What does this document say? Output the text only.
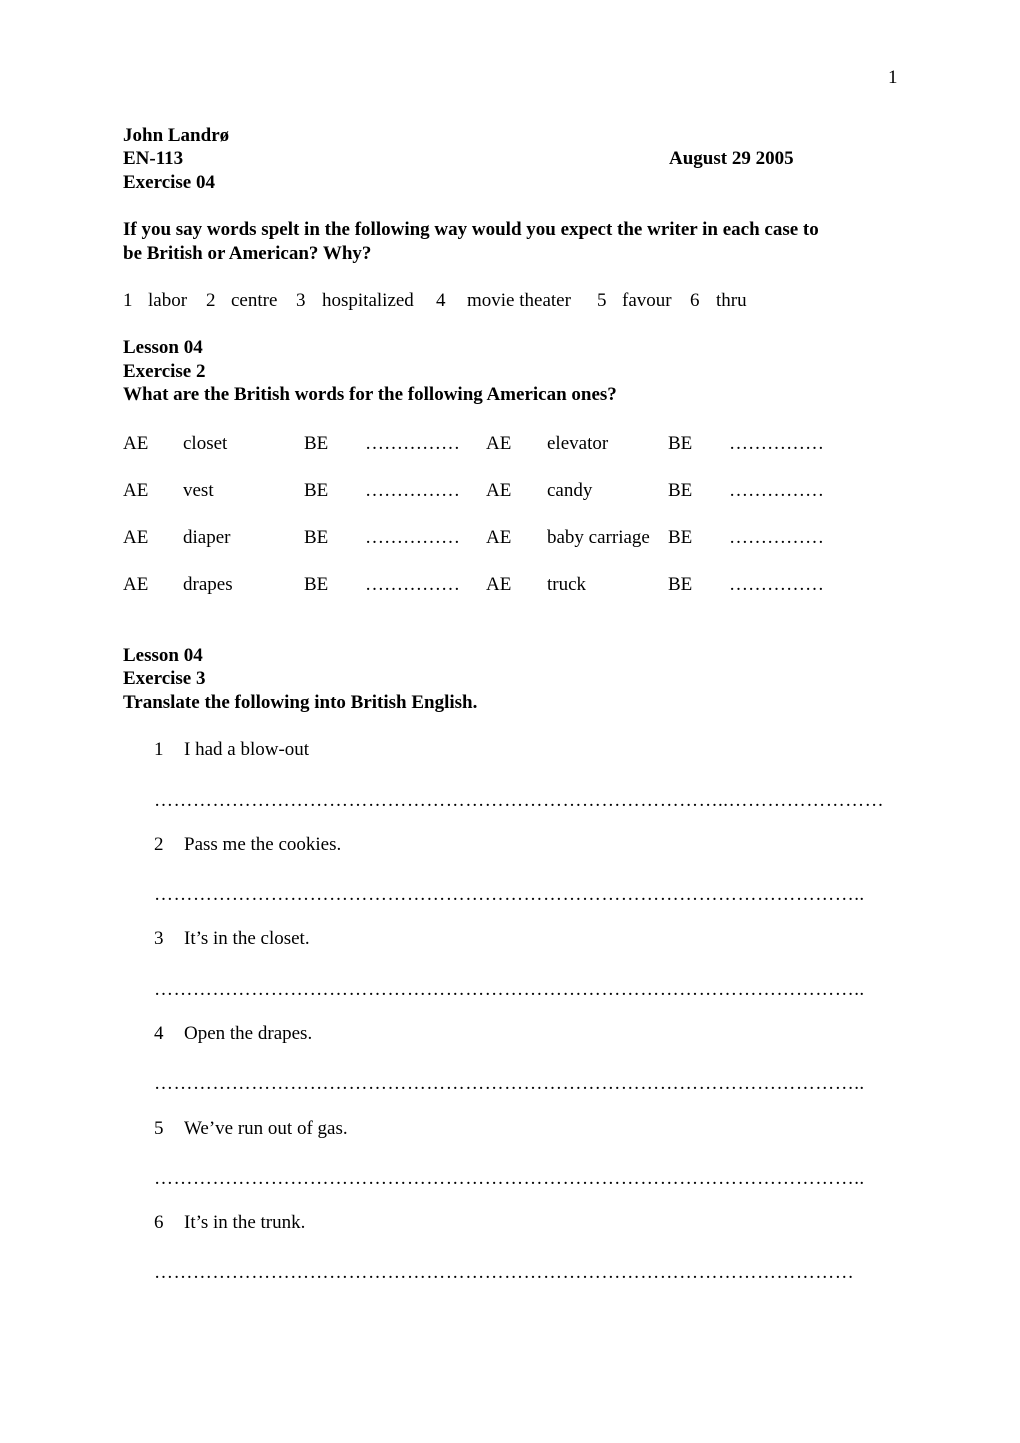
1
John Landrø
EN-113	August 29 2005
Exercise 04
If you say words spelt in the following way would you expect the writer in each case to
be British or American? Why?
1 labor 2 centre 3 hospitalized 4 movie theater 5 favour 6 thru
Lesson 04
Exercise 2
What are the British words for the following American ones?
AE closet	BE …………… AE elevator	BE ……………
AE vest	BE …………… AE candy	BE ……………
AE diaper	BE …………… AE baby carriage BE ……………
AE drapes	BE …………… AE truck	BE ……………
Lesson 04
Exercise 3
Translate the following into British English.
1 I had a blow-out
……………………………………………………………………………..……………………
2 Pass me the cookies.
………………………………………………………………………………………………..
3 It’s in the closet.
………………………………………………………………………………………………..
4 Open the drapes.
………………………………………………………………………………………………..
5 We’ve run out of gas.
………………………………………………………………………………………………..
6 It’s in the trunk.
………………………………………………………………………………………………
